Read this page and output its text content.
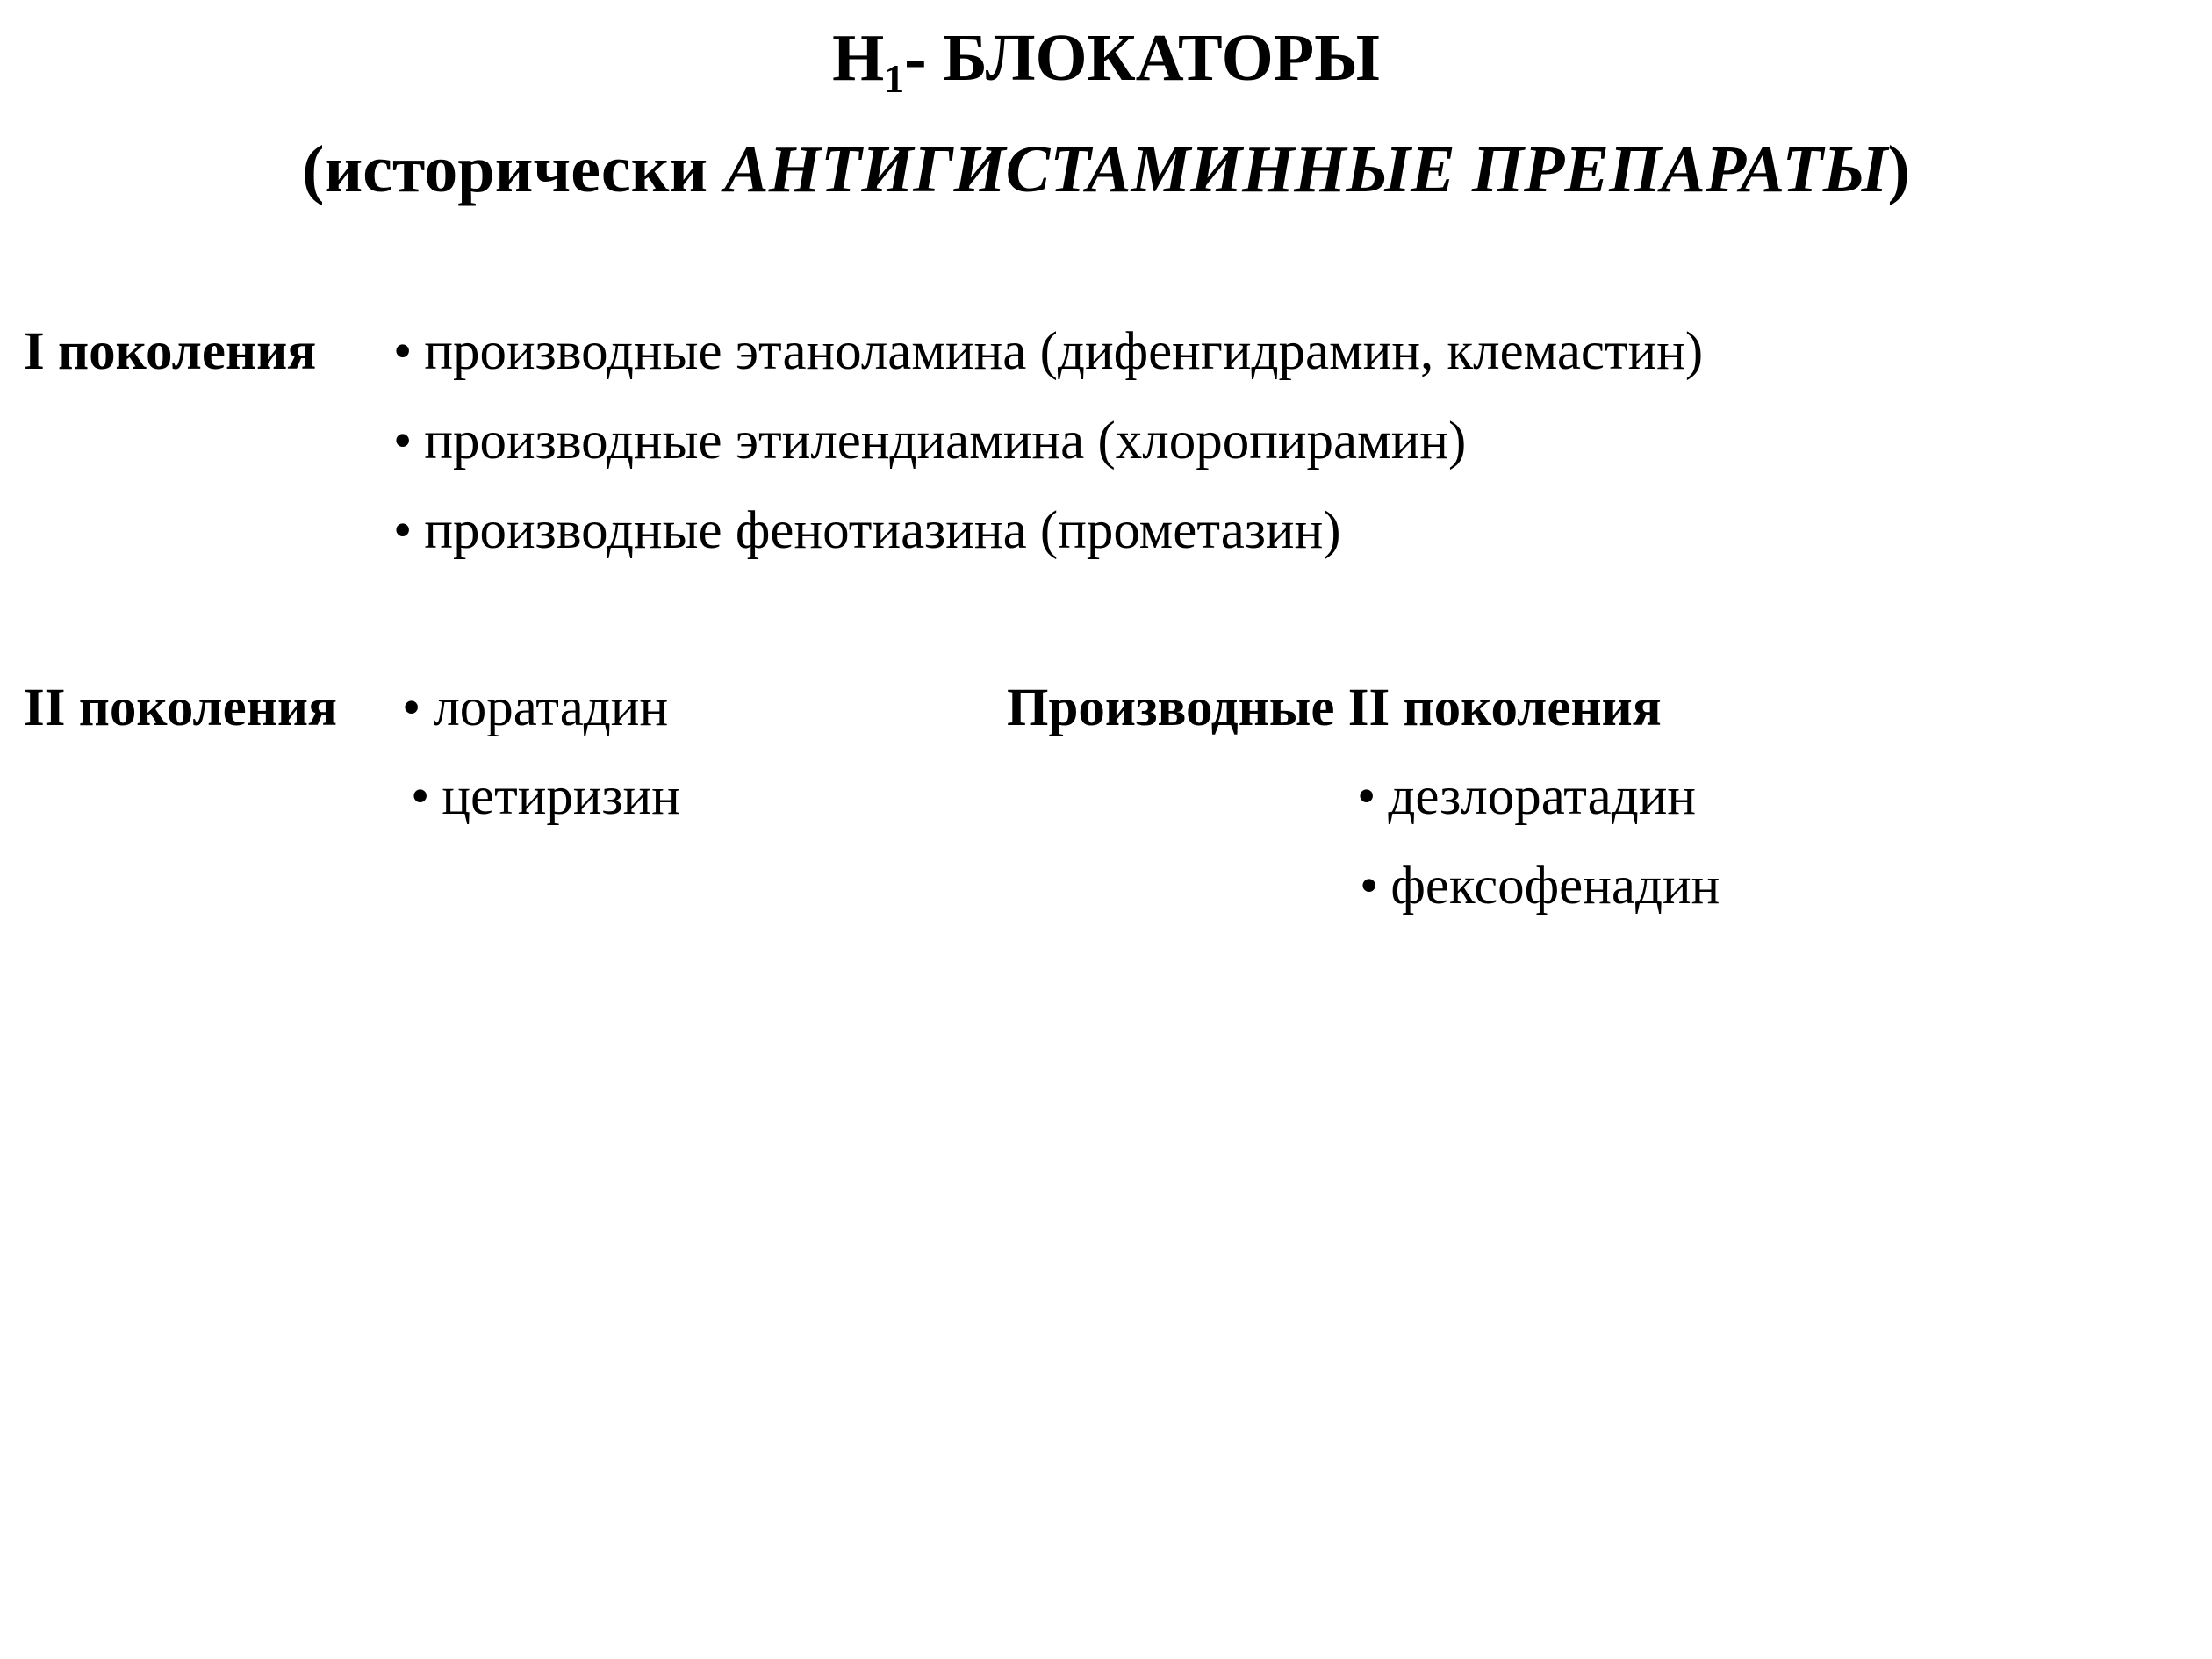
$Н_1-$ БЛОКАТОРЫ
(исторически АНТИГИСТАМИННЫЕ ПРЕПАРАТЫ)
I поколения • производные этаноламина (дифенгидрамин, клемастин)
• производные этилендиамина (хлоропирамин)
• производные фенотиазина (прометазин)
II поколения • лоратадин
• цетиризин
Производные II поколения
• дезлоратадин
• фексофенадин
